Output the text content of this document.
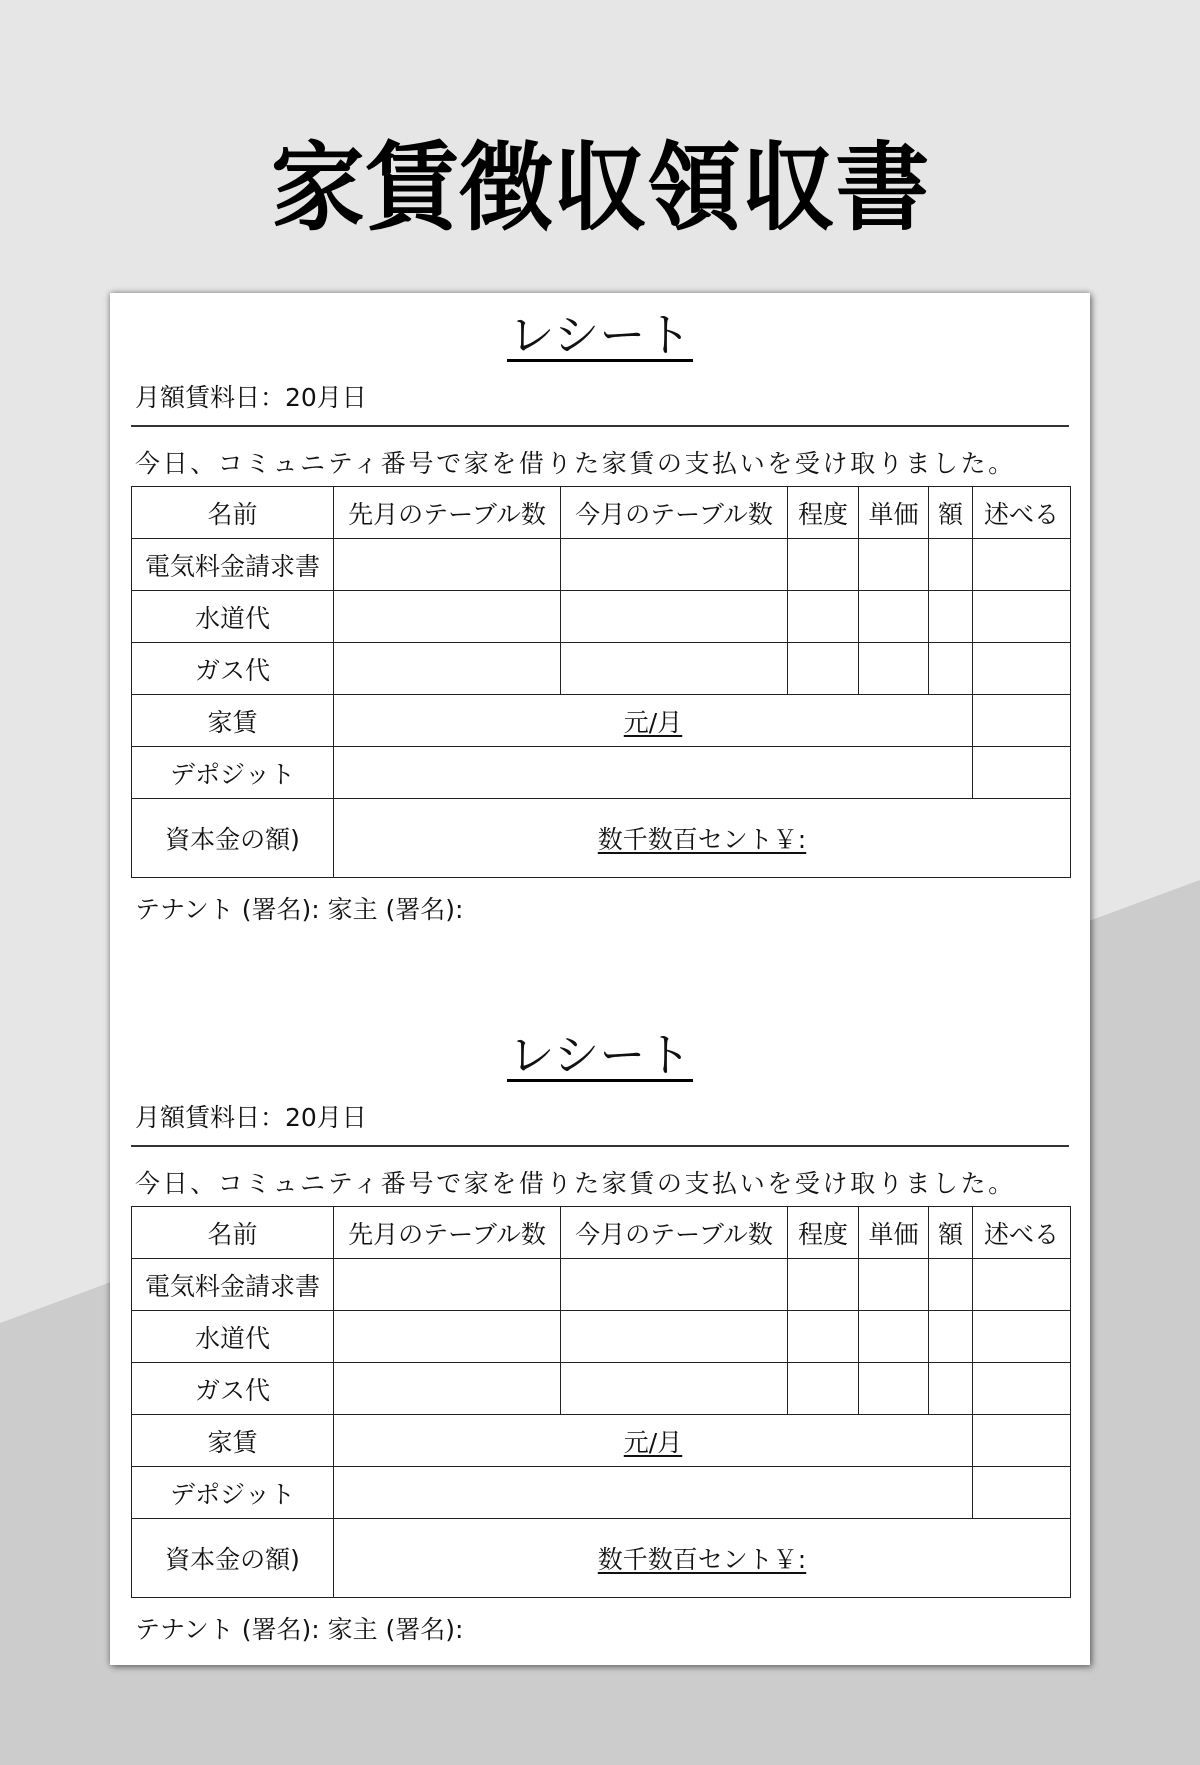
家賃徴収領収書
レシート
月額賃料日：20月日
今日、コミュニティ番号で家を借りた家賃の支払いを受け取りました。
名前	先月のテーブル数	今月のテーブル数	程度	単価	額	述べる
電気料金請求書						
水道代						
ガス代						
家賃	元/月					
デポジット						
資本金の額)	数千数百セント￥:					
テナント (署名): 家主 (署名):
レシート
月額賃料日：20月日
今日、コミュニティ番号で家を借りた家賃の支払いを受け取りました。
名前	先月のテーブル数	今月のテーブル数	程度	単価	額	述べる
電気料金請求書						
水道代						
ガス代						
家賃	元/月					
デポジット						
資本金の額)	数千数百セント￥:					
テナント (署名): 家主 (署名):
